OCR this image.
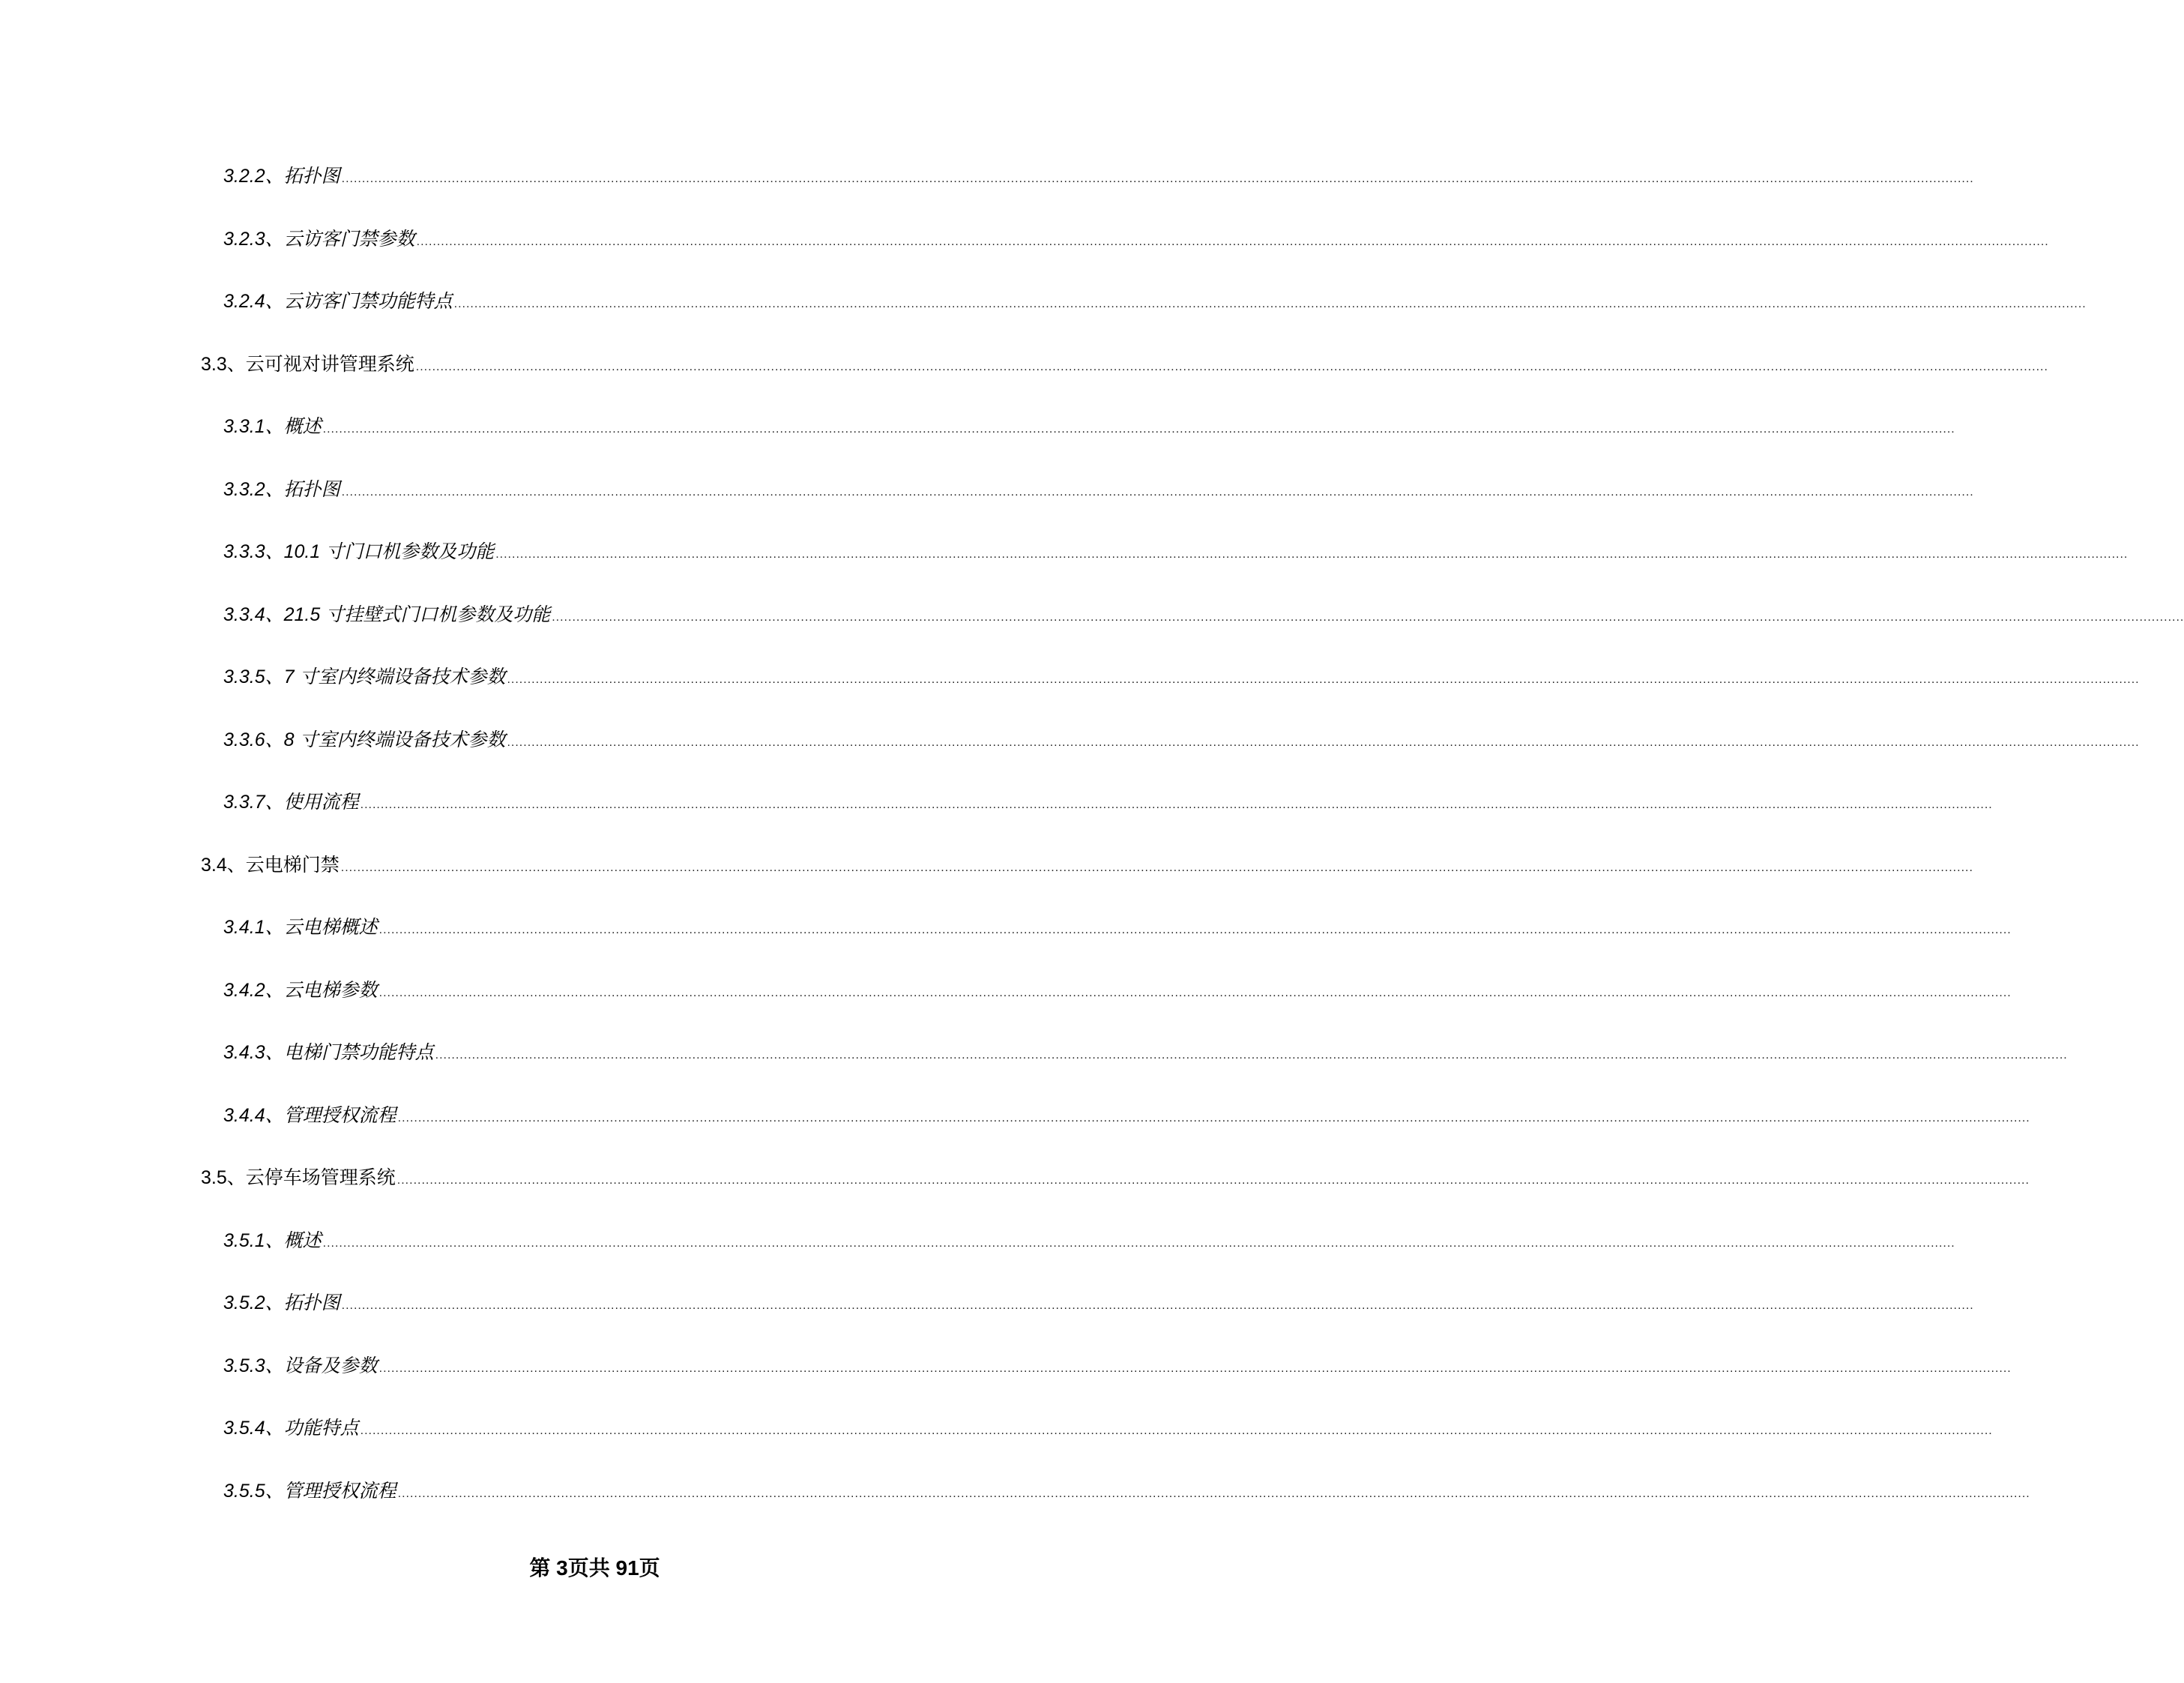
3.2.2、 拓扑图 ................................................................................................................................................................................................................................................................................................................................................................................................................
3.2.3、 云访客门禁参数 ................................................................................................................................................................................................................................................................................................................................................................................................................
3.2.4、 云访客门禁功能特点 ................................................................................................................................................................................................................................................................................................................................................................................................................
3.3、 云可视对讲管理系统 ................................................................................................................................................................................................................................................................................................................................................................................................................
3.3.1、 概述 ................................................................................................................................................................................................................................................................................................................................................................................................................
3.3.2、 拓扑图 ................................................................................................................................................................................................................................................................................................................................................................................................................
3.3.3、 10.1 寸门口机参数及功能 ................................................................................................................................................................................................................................................................................................................................................................................................................
3.3.4、 21.5 寸挂壁式门口机参数及功能 ................................................................................................................................................................................................................................................................................................................................................................................................................
3.3.5、 7 寸室内终端设备技术参数 ................................................................................................................................................................................................................................................................................................................................................................................................................
3.3.6、 8 寸室内终端设备技术参数 ................................................................................................................................................................................................................................................................................................................................................................................................................
3.3.7、 使用流程 ................................................................................................................................................................................................................................................................................................................................................................................................................
3.4、 云电梯门禁 ................................................................................................................................................................................................................................................................................................................................................................................................................
3.4.1、 云电梯概述 ................................................................................................................................................................................................................................................................................................................................................................................................................
3.4.2、 云电梯参数 ................................................................................................................................................................................................................................................................................................................................................................................................................
3.4.3、 电梯门禁功能特点 ................................................................................................................................................................................................................................................................................................................................................................................................................
3.4.4、 管理授权流程 ................................................................................................................................................................................................................................................................................................................................................................................................................
3.5、 云停车场管理系统 ................................................................................................................................................................................................................................................................................................................................................................................................................
3.5.1、 概述 ................................................................................................................................................................................................................................................................................................................................................................................................................
3.5.2、 拓扑图 ................................................................................................................................................................................................................................................................................................................................................................................................................
3.5.3、 设备及参数 ................................................................................................................................................................................................................................................................................................................................................................................................................
3.5.4、 功能特点 ................................................................................................................................................................................................................................................................................................................................................................................................................
3.5.5、 管理授权流程 ................................................................................................................................................................................................................................................................................................................................................................................................................
第 3页共 91页
